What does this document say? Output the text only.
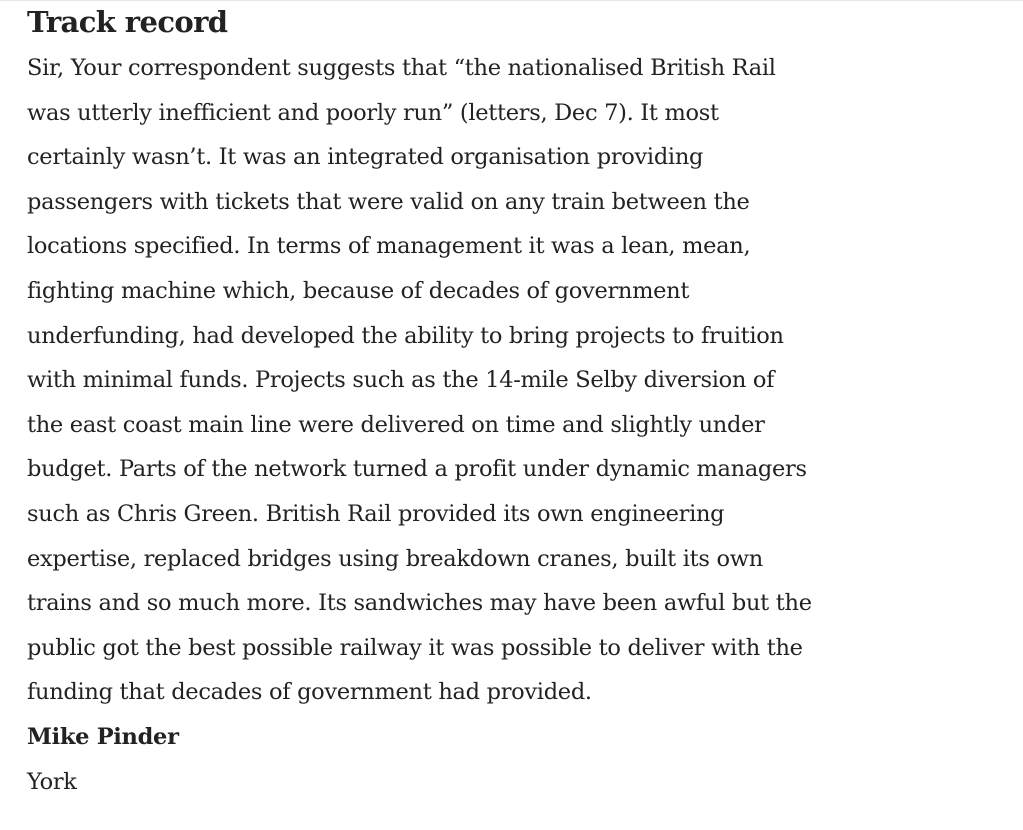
Track record

Sir, Your correspondent suggests that “the nationalised British Rail
was utterly inefficient and poorly run” (letters, Dec 7). It most
certainly wasn’t. It was an integrated organisation providing
passengers with tickets that were valid on any train between the
locations specified. In terms of management it was a lean, mean,
fighting machine which, because of decades of government
underfunding, had developed the ability to bring projects to fruition
with minimal funds. Projects such as the 14-mile Selby diversion of
the east coast main line were delivered on time and slightly under
budget. Parts of the network turned a profit under dynamic managers
such as Chris Green. British Rail provided its own engineering
expertise, replaced bridges using breakdown cranes, built its own
trains and so much more. Its sandwiches may have been awful but the
public got the best possible railway it was possible to deliver with the
funding that decades of government had provided.

Mike Pinder

York
